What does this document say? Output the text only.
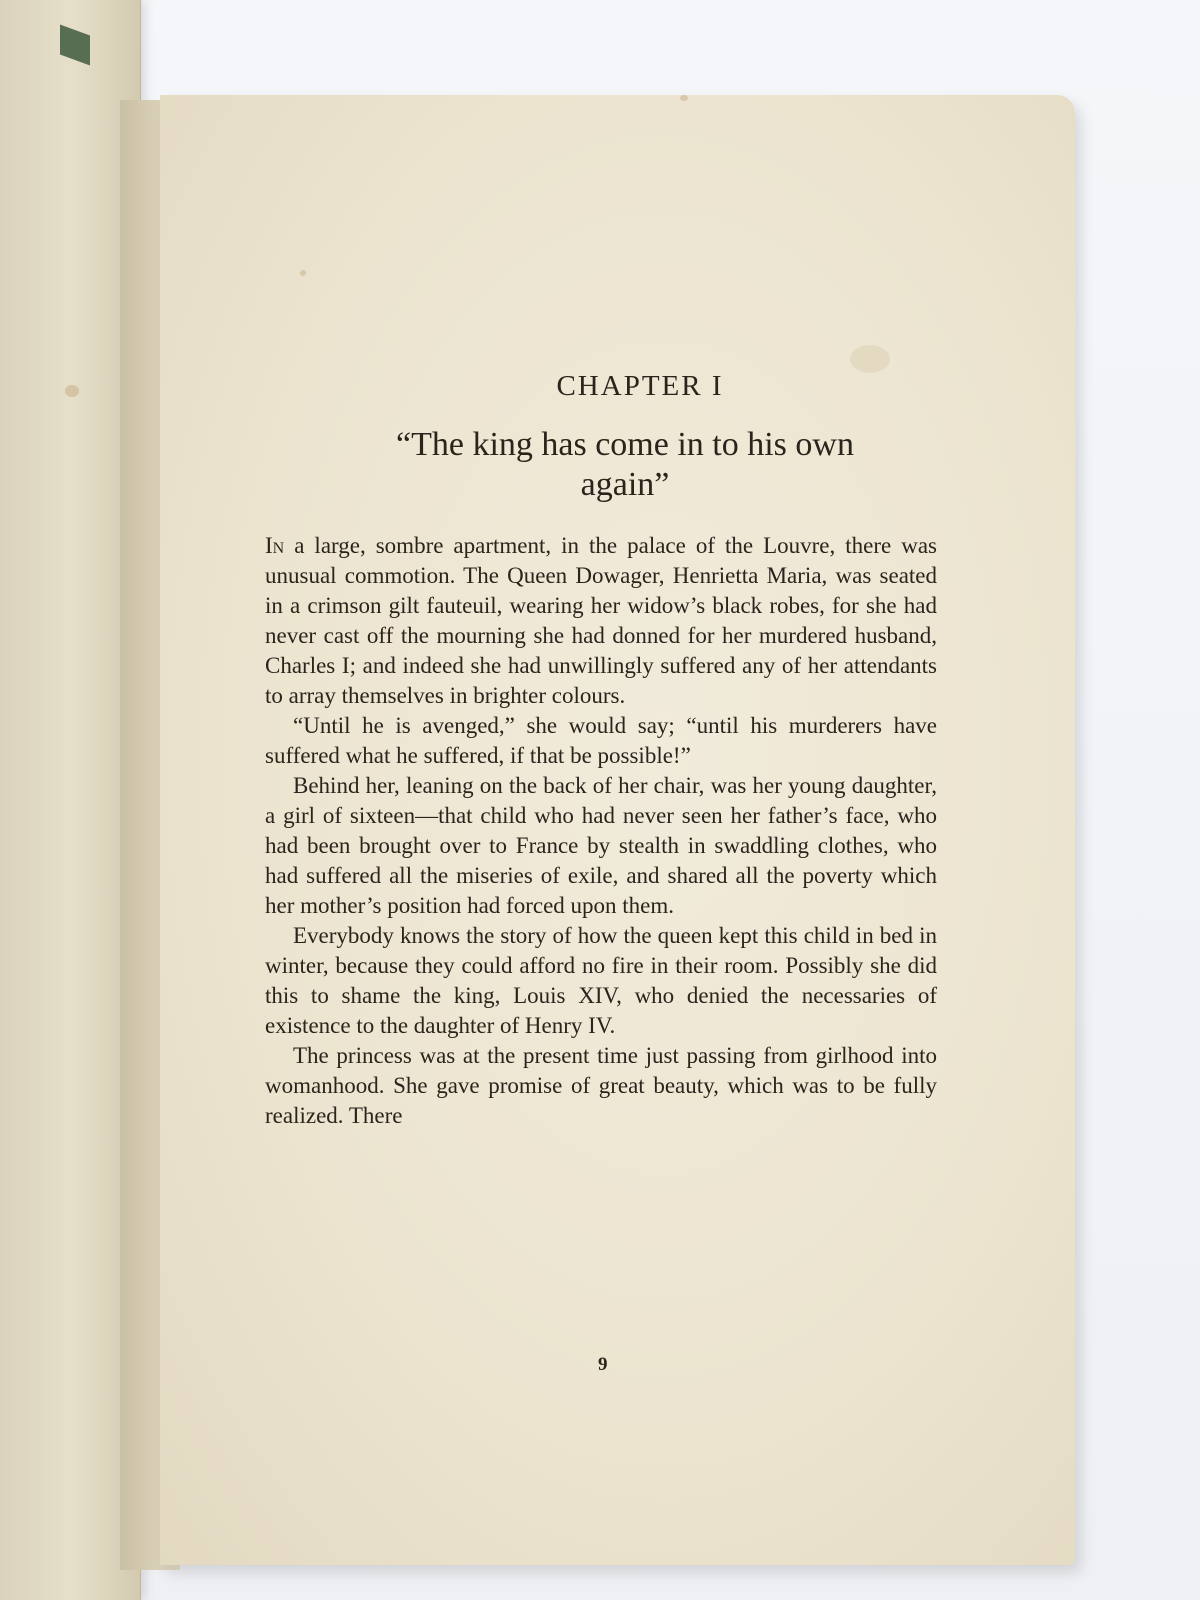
CHAPTER I
“The king has come in to his own
again”

In a large, sombre apartment, in the palace of the Louvre, there was unusual commotion. The Queen Dowager, Henrietta Maria, was seated in a crimson gilt fauteuil, wearing her widow’s black robes, for she had never cast off the mourning she had donned for her murdered husband, Charles I; and indeed she had unwillingly suffered any of her attendants to array themselves in brighter colours.

“Until he is avenged,” she would say; “until his murderers have suffered what he suffered, if that be possible!”

Behind her, leaning on the back of her chair, was her young daughter, a girl of sixteen—that child who had never seen her father’s face, who had been brought over to France by stealth in swaddling clothes, who had suffered all the miseries of exile, and shared all the poverty which her mother’s position had forced upon them.

Everybody knows the story of how the queen kept this child in bed in winter, because they could afford no fire in their room. Possibly she did this to shame the king, Louis XIV, who denied the necessaries of existence to the daughter of Henry IV.

The princess was at the present time just passing from girlhood into womanhood. She gave promise of great beauty, which was to be fully realized. There

9
